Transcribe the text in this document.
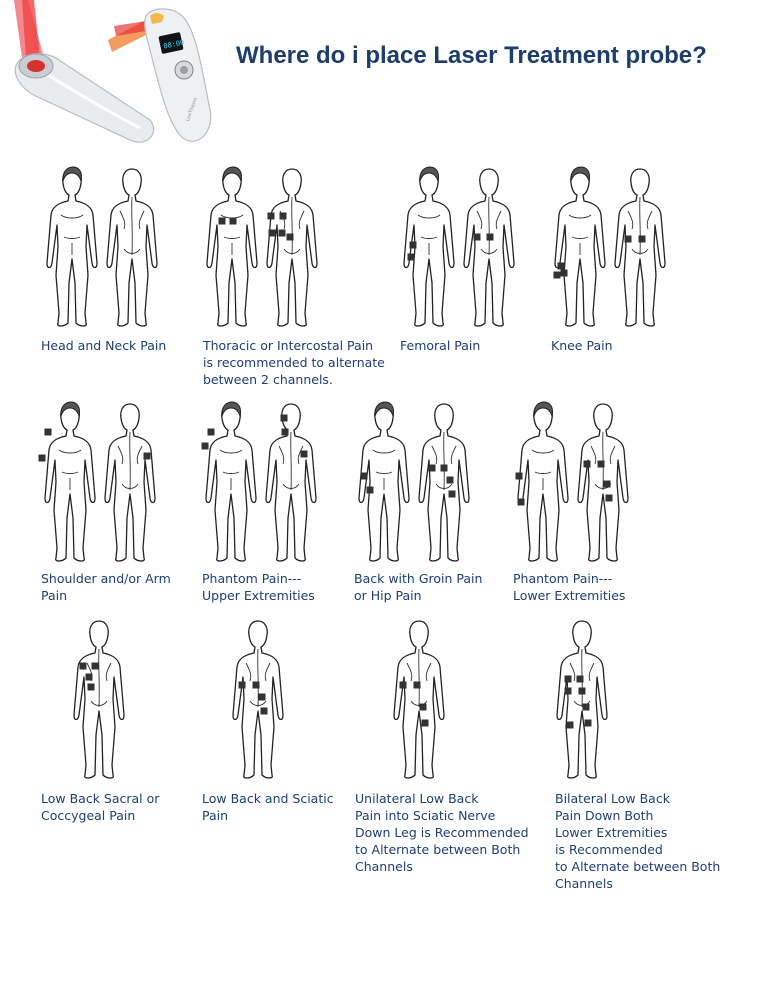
Where do i place Laser Treatment probe?
08:00
LuxTherm
Head and Neck Pain	Thoracic or Intercostal Pain
is recommended to alternate
between 2 channels.
Femoral Pain	Knee Pain
Shoulder and/or Arm
Pain
Phantom Pain---
Upper Extremities
Back with Groin Pain
or Hip Pain
Phantom Pain---
Lower Extremities
Low Back Sacral or
Coccygeal Pain
Low Back and Sciatic
Pain
Unilateral Low Back
Pain into Sciatic Nerve
Down Leg is Recommended
to Alternate between Both
Channels
Bilateral Low Back
Pain Down Both
Lower Extremities
is Recommended
to Alternate between Both
Channels
